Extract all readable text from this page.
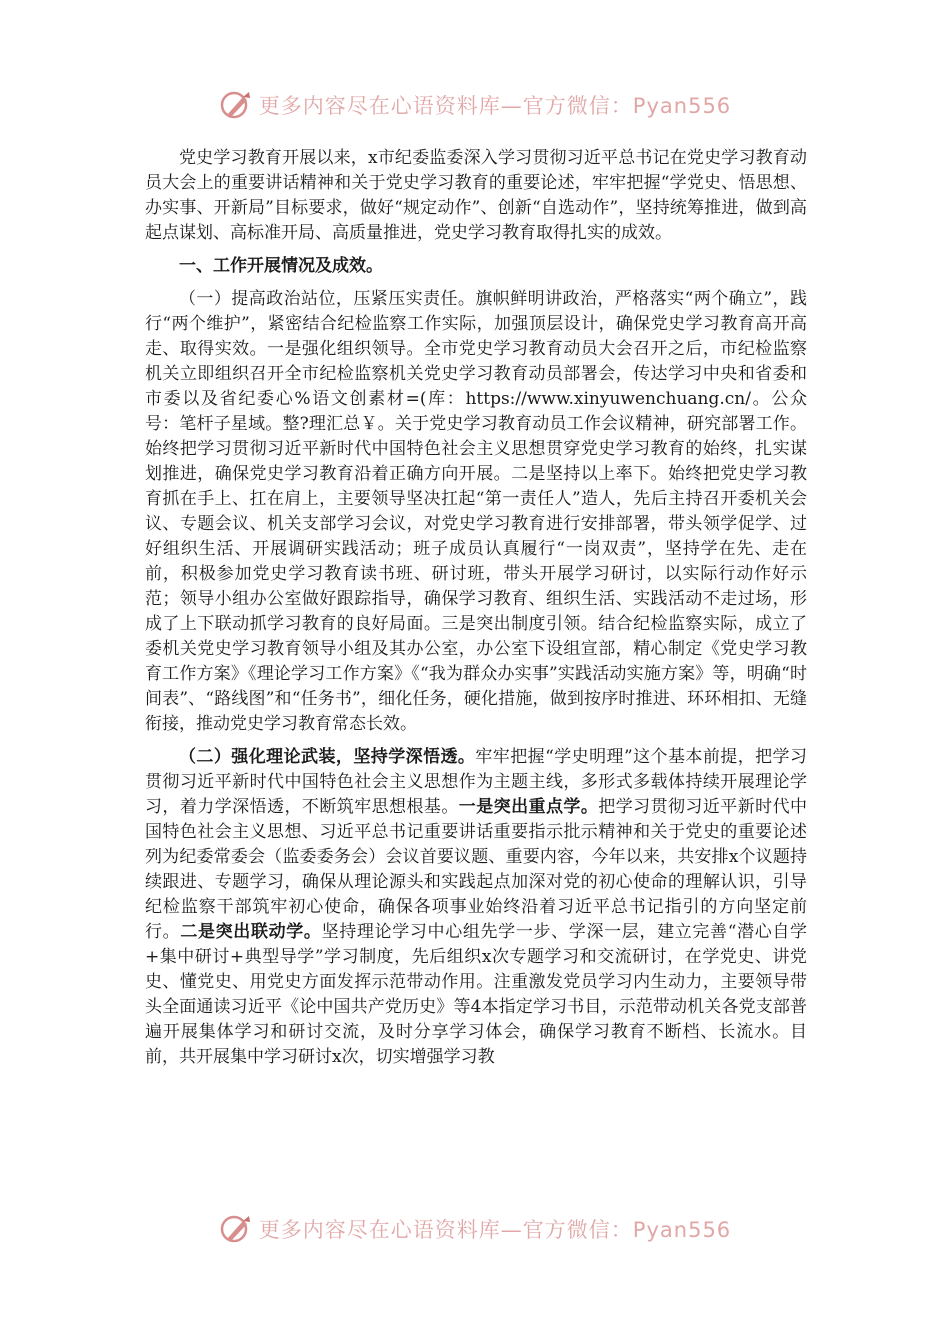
更多内容尽在心语资料库—官方微信：Pyan556

党史学习教育开展以来，x市纪委监委深入学习贯彻习近平总书记在党史学习教育动员大会上的重要讲话精神和关于党史学习教育的重要论述，牢牢把握“学党史、悟思想、办实事、开新局”目标要求，做好“规定动作”、创新“自选动作”，坚持统筹推进，做到高起点谋划、高标准开局、高质量推进，党史学习教育取得扎实的成效。

一、工作开展情况及成效。

（一）提高政治站位，压紧压实责任。旗帜鲜明讲政治，严格落实“两个确立”，践行“两个维护”，紧密结合纪检监察工作实际，加强顶层设计，确保党史学习教育高开高走、取得实效。一是强化组织领导。全市党史学习教育动员大会召开之后，市纪检监察机关立即组织召开全市纪检监察机关党史学习教育动员部署会，传达学习中央和省委和市委以及省纪委心%语文创素材=(库：https://www.xinyuwenchuang.cn/。公众号：笔杆子星域。整?理汇总￥。关于党史学习教育动员工作会议精神，研究部署工作。始终把学习贯彻习近平新时代中国特色社会主义思想贯穿党史学习教育的始终，扎实谋划推进，确保党史学习教育沿着正确方向开展。二是坚持以上率下。始终把党史学习教育抓在手上、扛在肩上，主要领导坚决扛起“第一责任人”造人，先后主持召开委机关会议、专题会议、机关支部学习会议，对党史学习教育进行安排部署，带头领学促学、过好组织生活、开展调研实践活动；班子成员认真履行“一岗双责”，坚持学在先、走在前，积极参加党史学习教育读书班、研讨班，带头开展学习研讨，以实际行动作好示范；领导小组办公室做好跟踪指导，确保学习教育、组织生活、实践活动不走过场，形成了上下联动抓学习教育的良好局面。三是突出制度引领。结合纪检监察实际，成立了委机关党史学习教育领导小组及其办公室，办公室下设组宣部，精心制定《党史学习教育工作方案》《理论学习工作方案》《“我为群众办实事”实践活动实施方案》等，明确“时间表”、“路线图”和“任务书”，细化任务，硬化措施，做到按序时推进、环环相扣、无缝衔接，推动党史学习教育常态长效。

（二）强化理论武装，坚持学深悟透。牢牢把握“学史明理”这个基本前提，把学习贯彻习近平新时代中国特色社会主义思想作为主题主线，多形式多载体持续开展理论学习，着力学深悟透，不断筑牢思想根基。一是突出重点学。把学习贯彻习近平新时代中国特色社会主义思想、习近平总书记重要讲话重要指示批示精神和关于党史的重要论述列为纪委常委会（监委委务会）会议首要议题、重要内容，今年以来，共安排x个议题持续跟进、专题学习，确保从理论源头和实践起点加深对党的初心使命的理解认识，引导纪检监察干部筑牢初心使命，确保各项事业始终沿着习近平总书记指引的方向坚定前行。二是突出联动学。坚持理论学习中心组先学一步、学深一层，建立完善“潜心自学+集中研讨+典型导学”学习制度，先后组织x次专题学习和交流研讨，在学党史、讲党史、懂党史、用党史方面发挥示范带动作用。注重激发党员学习内生动力，主要领导带头全面通读习近平《论中国共产党历史》等4本指定学习书目，示范带动机关各党支部普遍开展集体学习和研讨交流，及时分享学习体会，确保学习教育不断档、长流水。目前，共开展集中学习研讨x次，切实增强学习教

更多内容尽在心语资料库—官方微信：Pyan556
